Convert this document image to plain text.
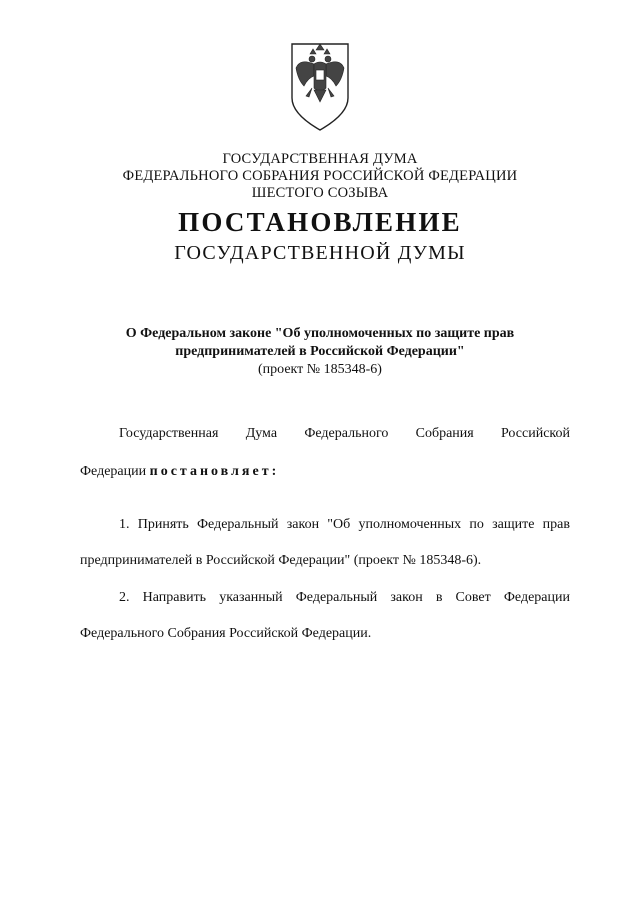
ГОСУДАРСТВЕННАЯ ДУМА
ФЕДЕРАЛЬНОГО СОБРАНИЯ РОССИЙСКОЙ ФЕДЕРАЦИИ
ШЕСТОГО СОЗЫВА
ПОСТАНОВЛЕНИЕ
ГОСУДАРСТВЕННОЙ ДУМЫ
О Федеральном законе "Об уполномоченных по защите прав
предпринимателей в Российской Федерации"
(проект № 185348-6)
Государственная Дума Федерального Собрания Российской
Федерации постановляет:
1. Принять Федеральный закон "Об уполномоченных по защите прав
предпринимателей в Российской Федерации" (проект № 185348-6).
2. Направить указанный Федеральный закон в Совет Федерации
Федерального Собрания Российской Федерации.
